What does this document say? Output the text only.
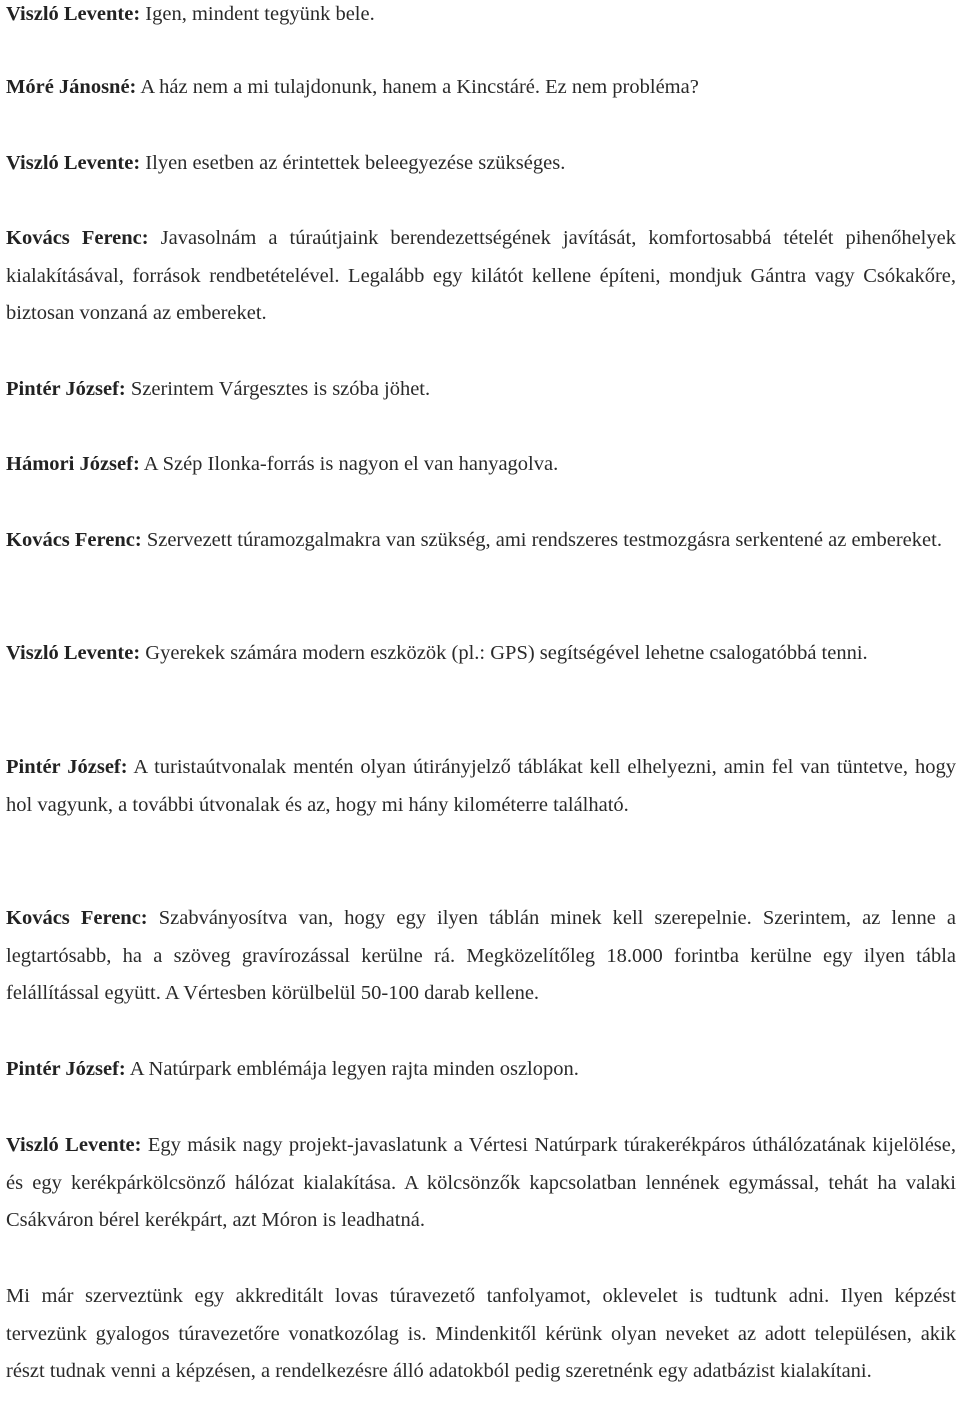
Viszló Levente: Igen, mindent tegyünk bele.

Móré Jánosné: A ház nem a mi tulajdonunk, hanem a Kincstáré. Ez nem probléma?

Viszló Levente: Ilyen esetben az érintettek beleegyezése szükséges.

Kovács Ferenc: Javasolnám a túraútjaink berendezettségének javítását, komfortosabbá tételét pihenőhelyek kialakításával, források rendbetételével. Legalább egy kilátót kellene építeni, mondjuk Gántra vagy Csókakőre, biztosan vonzaná az embereket.

Pintér József: Szerintem Várgesztes is szóba jöhet.

Hámori József: A Szép Ilonka-forrás is nagyon el van hanyagolva.

Kovács Ferenc: Szervezett túramozgalmakra van szükség, ami rendszeres testmozgásra serkentené az embereket.

Viszló Levente: Gyerekek számára modern eszközök (pl.: GPS) segítségével lehetne csalogatóbbá tenni.

Pintér József: A turistaútvonalak mentén olyan útirányjelző táblákat kell elhelyezni, amin fel van tüntetve, hogy hol vagyunk, a további útvonalak és az, hogy mi hány kilométerre található.

Kovács Ferenc: Szabványosítva van, hogy egy ilyen táblán minek kell szerepelnie. Szerintem, az lenne a legtartósabb, ha a szöveg gravírozással kerülne rá. Megközelítőleg 18.000 forintba kerülne egy ilyen tábla felállítással együtt. A Vértesben körülbelül 50-100 darab kellene.

Pintér József: A Natúrpark emblémája legyen rajta minden oszlopon.

Viszló Levente: Egy másik nagy projekt-javaslatunk a Vértesi Natúrpark túrakerékpáros úthálózatának kijelölése, és egy kerékpárkölcsönző hálózat kialakítása. A kölcsönzők kapcsolatban lennének egymással, tehát ha valaki Csákváron bérel kerékpárt, azt Móron is leadhatná.

Mi már szerveztünk egy akkreditált lovas túravezető tanfolyamot, oklevelet is tudtunk adni. Ilyen képzést tervezünk gyalogos túravezetőre vonatkozólag is. Mindenkitől kérünk olyan neveket az adott településen, akik részt tudnak venni a képzésen, a rendelkezésre álló adatokból pedig szeretnénk egy adatbázist kialakítani.
